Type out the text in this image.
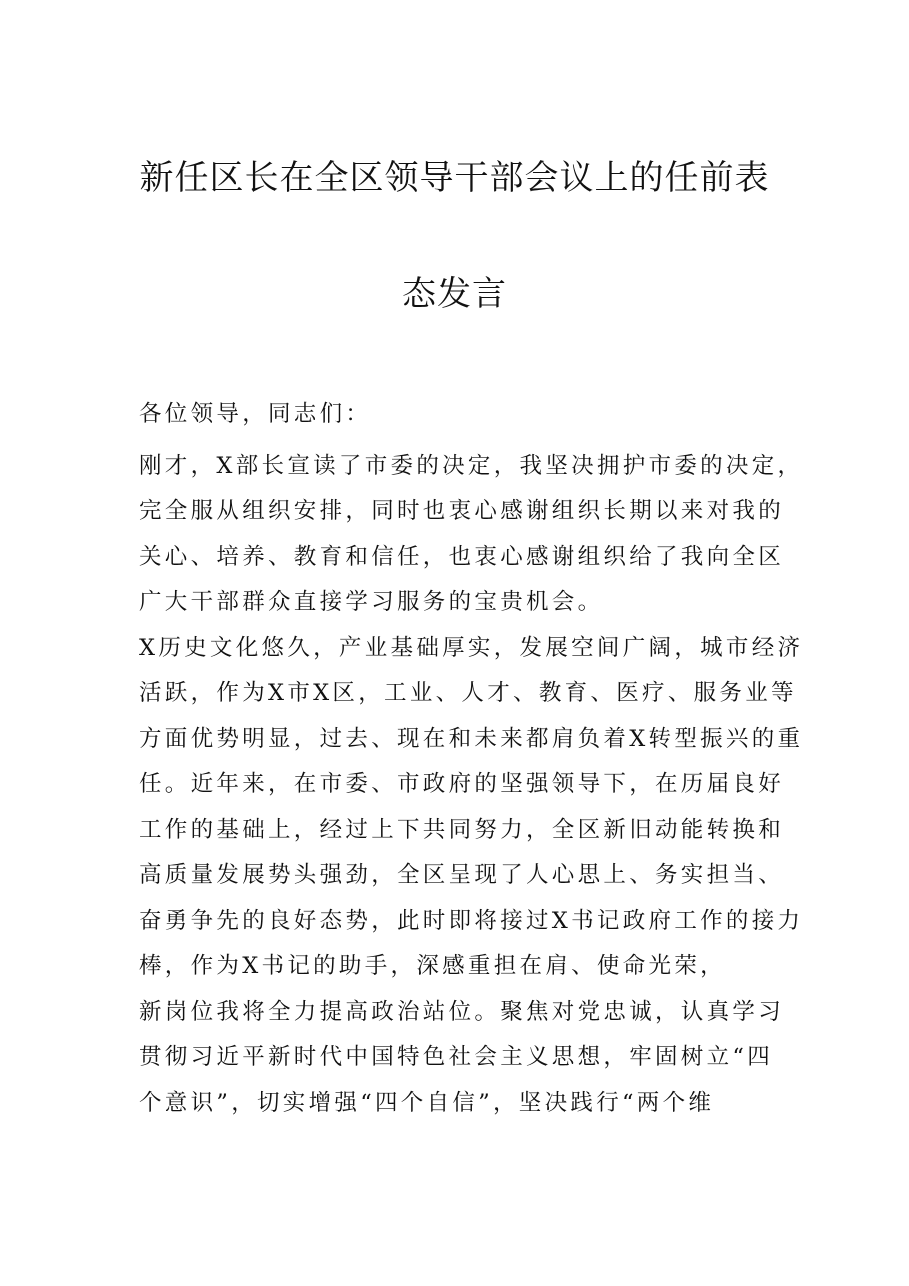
新任区长在全区领导干部会议上的任前表
态发言
各位领导，同志们：
刚才，X部长宣读了市委的决定，我坚决拥护市委的决定，
完全服从组织安排，同时也衷心感谢组织长期以来对我的
关心、培养、教育和信任，也衷心感谢组织给了我向全区
广大干部群众直接学习服务的宝贵机会。
X历史文化悠久，产业基础厚实，发展空间广阔，城市经济
活跃，作为X市X区，工业、人才、教育、医疗、服务业等
方面优势明显，过去、现在和未来都肩负着X转型振兴的重
任。近年来，在市委、市政府的坚强领导下，在历届良好
工作的基础上，经过上下共同努力，全区新旧动能转换和
高质量发展势头强劲，全区呈现了人心思上、务实担当、
奋勇争先的良好态势，此时即将接过X书记政府工作的接力
棒，作为X书记的助手，深感重担在肩、使命光荣，
新岗位我将全力提高政治站位。聚焦对党忠诚，认真学习
贯彻习近平新时代中国特色社会主义思想，牢固树立“四
个意识”，切实增强“四个自信”，坚决践行“两个维
